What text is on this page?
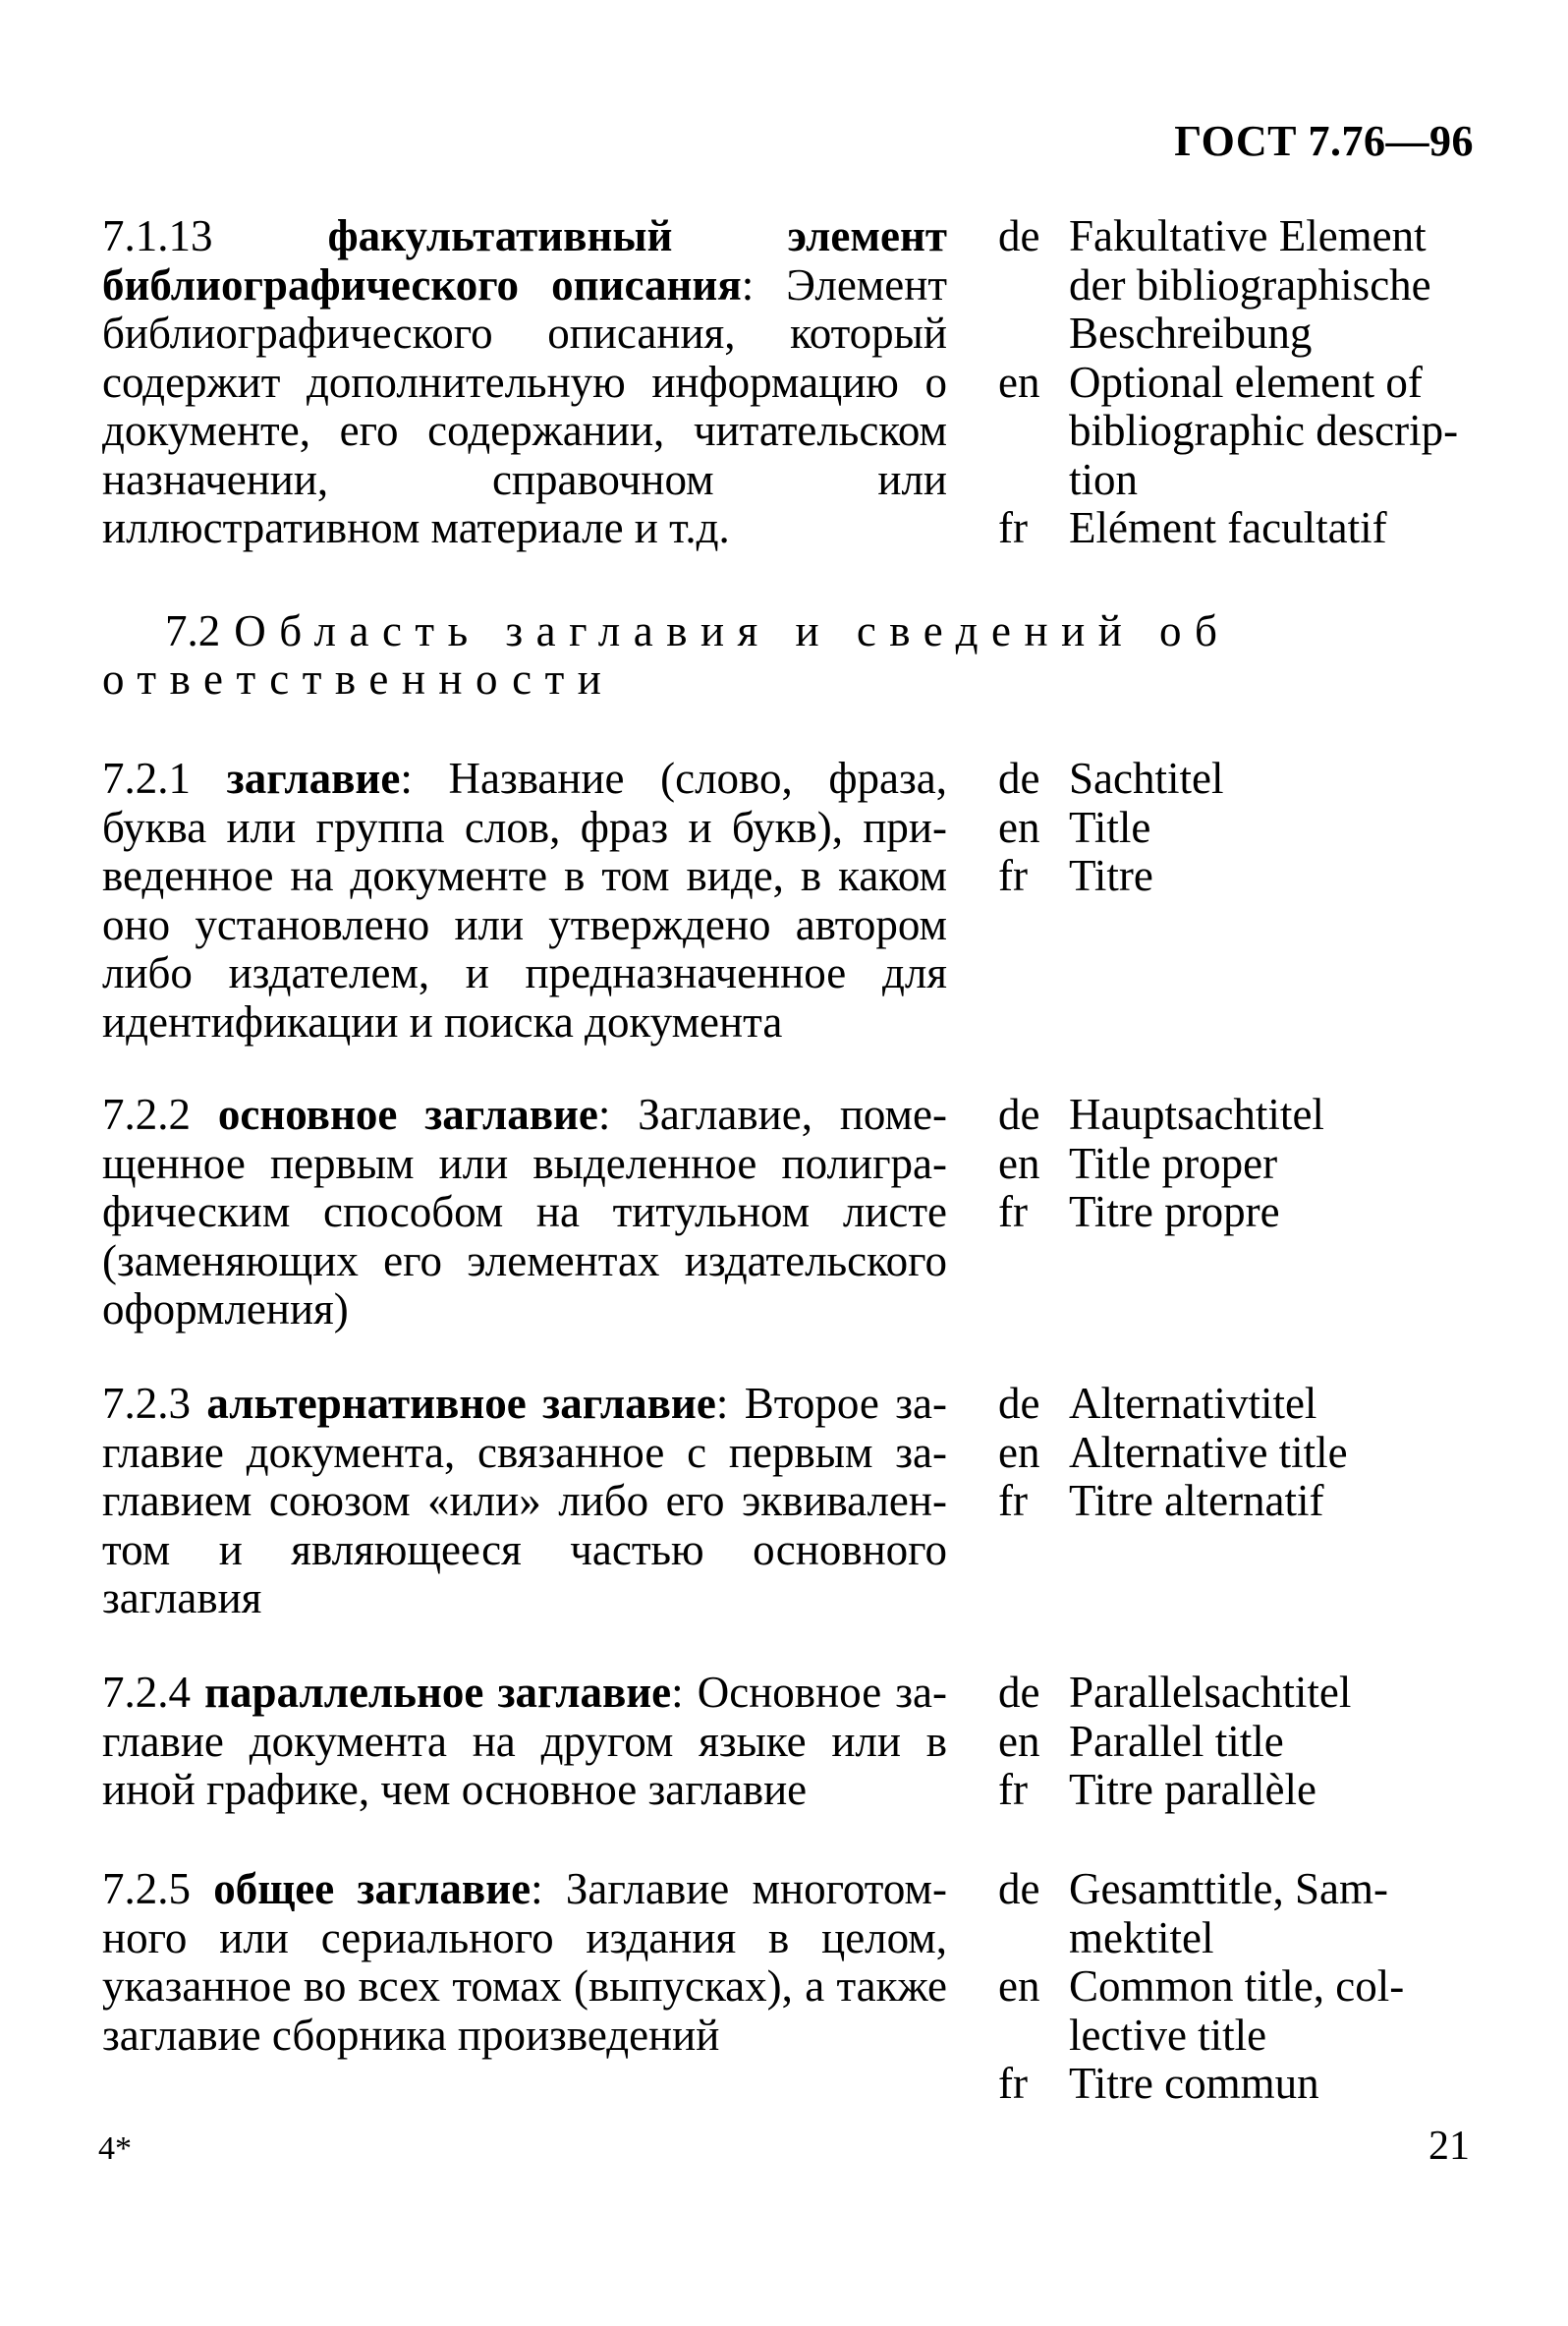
ГОСТ 7.76—96
7.1.13	факультативный элемент библиографического описания: Элемент библиографического описания, который содержит дополнительную информацию о документе, его содержании, читательском назначении, справочном или иллюстративном материале и т.д.
de Fakultative Element der bibliographische Beschreibung
en Optional element of bibliographic description
fr Elément facultatif
7.2 Область заглавия и сведений об ответственности
7.2.1 заглавие: Название (слово, фраза, буква или группа слов, фраз и букв), приведенное на документе в том виде, в каком оно установлено или утверждено автором либо издателем, и предназначенное для идентификации и поиска документа
de Sachtitel
en Title
fr Titre
7.2.2 основное заглавие: Заглавие, помещенное первым или выделенное полиграфическим способом на титульном листе (заменяющих его элементах издательского оформления)
de Hauptsachtitel
en Title proper
fr Titre propre
7.2.3 альтернативное заглавие: Второе заглавие документа, связанное с первым заглавием союзом «или» либо его эквивалентом и являющееся частью основного заглавия
de Alternativtitel
en Alternative title
fr Titre alternatif
7.2.4 параллельное заглавие: Основное заглавие документа на другом языке или в иной графике, чем основное заглавие
de Parallelsachtitel
en Parallel title
fr Titre parallèle
7.2.5 общее заглавие: Заглавие многотомного или сериального издания в целом, указанное во всех томах (выпусках), а также заглавие сборника произведений
de Gesamttitle, Sammektitel
en Common title, collective title
fr Titre commun
4*	21
